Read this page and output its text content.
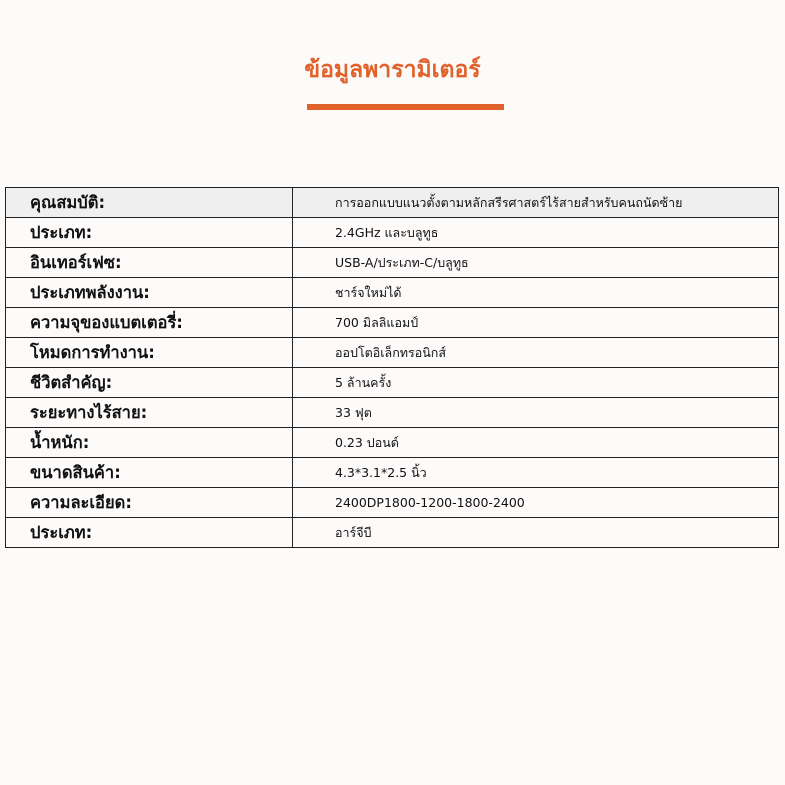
ข้อมูลพารามิเตอร์
คุณสมบัติ:	การออกแบบแนวตั้งตามหลักสรีรศาสตร์ไร้สายสำหรับคนถนัดซ้าย
ประเภท:	2.4GHz และบลูทูธ
อินเทอร์เฟซ:	USB-A/ประเภท-C/บลูทูธ
ประเภทพลังงาน:	ชาร์จใหม่ได้
ความจุของแบตเตอรี่:	700 มิลลิแอมป์
โหมดการทำงาน:	ออปโตอิเล็กทรอนิกส์
ชีวิตสำคัญ:	5 ล้านครั้ง
ระยะทางไร้สาย:	33 ฟุต
น้ำหนัก:	0.23 ปอนด์
ขนาดสินค้า:	4.3*3.1*2.5 นิ้ว
ความละเอียด:	2400DP1800-1200-1800-2400
ประเภท:	อาร์จีบี
